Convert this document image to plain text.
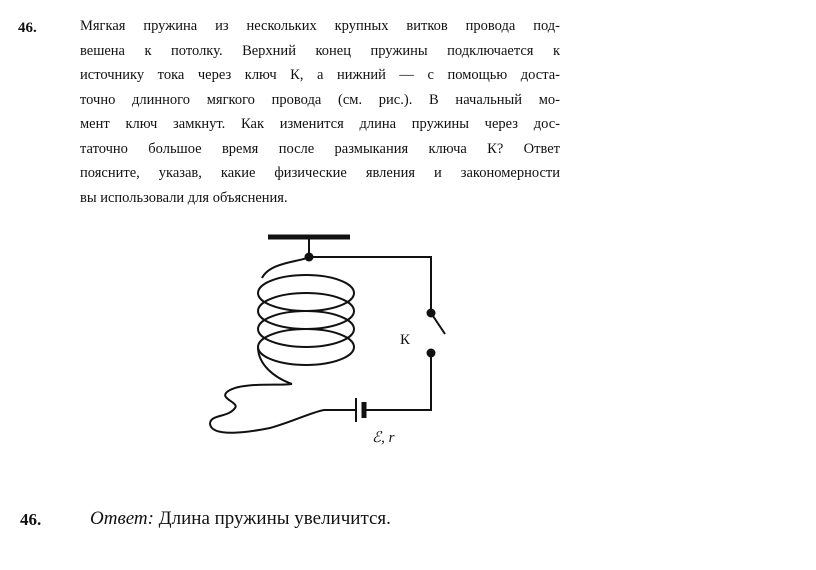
46.	Мягкая пружина из нескольких крупных витков провода под-
вешена к потолку. Верхний конец пружины подключается к
источнику тока через ключ К, а нижний — с помощью доста-
точно длинного мягкого провода (см. рис.). В начальный мо-
мент ключ замкнут. Как изменится длина пружины через дос-
таточно большое время после размыкания ключа К? Ответ
поясните, указав, какие физические явления и закономерности
вы использовали для объяснения.
К
ℰ, r
46.	Ответ: Длина пружины увеличится.
